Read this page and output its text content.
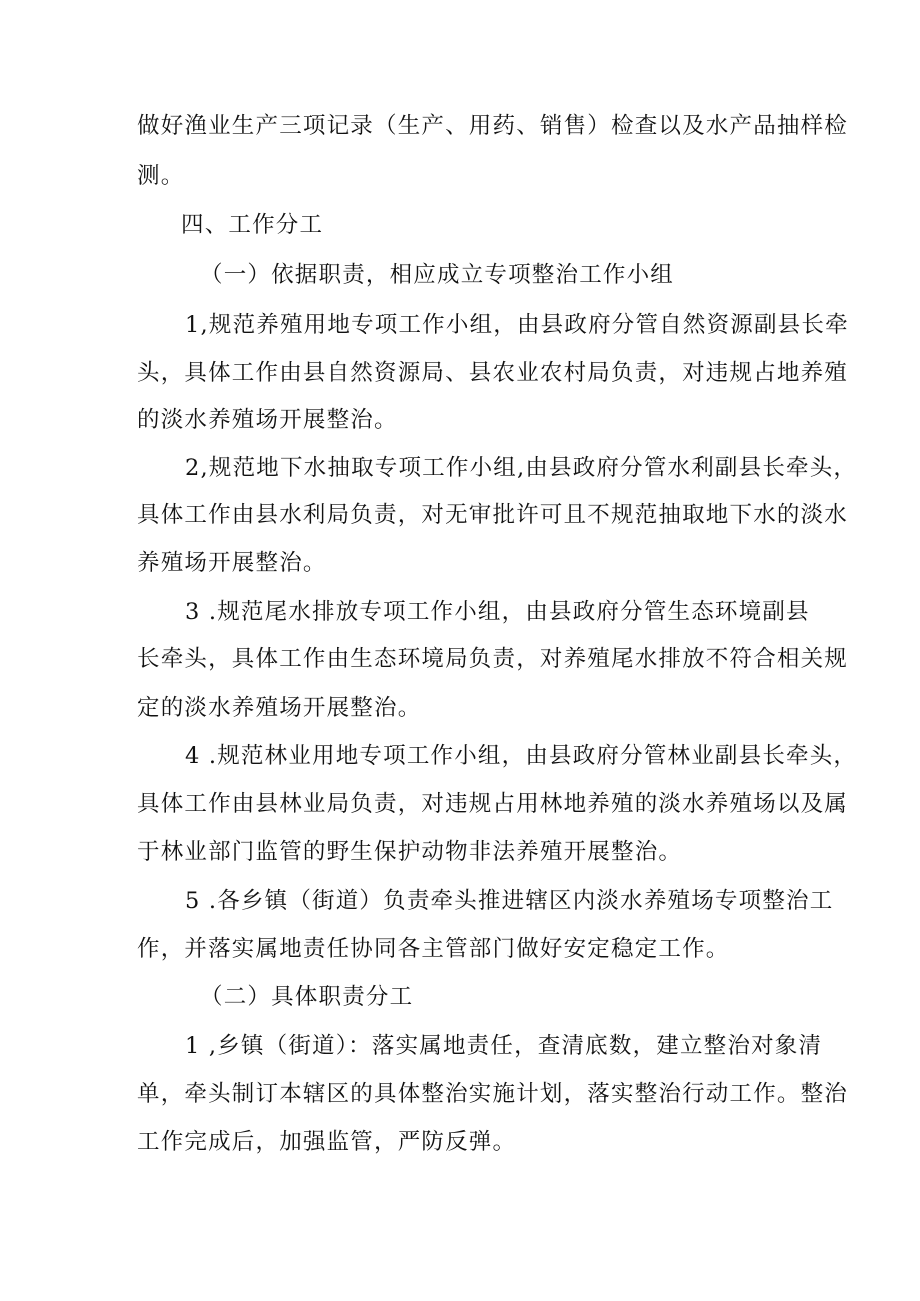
做好渔业生产三项记录（生产、用药、销售）检查以及水产品抽样检
测。
四、工作分工
（一）依据职责，相应成立专项整治工作小组
1,规范养殖用地专项工作小组，由县政府分管自然资源副县长牵
头，具体工作由县自然资源局、县农业农村局负责，对违规占地养殖
的淡水养殖场开展整治。
2,规范地下水抽取专项工作小组,由县政府分管水利副县长牵头，
具体工作由县水利局负责，对无审批许可且不规范抽取地下水的淡水
养殖场开展整治。
3 .规范尾水排放专项工作小组，由县政府分管生态环境副县
长牵头，具体工作由生态环境局负责，对养殖尾水排放不符合相关规
定的淡水养殖场开展整治。
4 .规范林业用地专项工作小组，由县政府分管林业副县长牵头，
具体工作由县林业局负责，对违规占用林地养殖的淡水养殖场以及属
于林业部门监管的野生保护动物非法养殖开展整治。
5 .各乡镇（街道）负责牵头推进辖区内淡水养殖场专项整治工
作，并落实属地责任协同各主管部门做好安定稳定工作。
（二）具体职责分工
1 ,乡镇（街道）：落实属地责任，查清底数，建立整治对象清
单，牵头制订本辖区的具体整治实施计划，落实整治行动工作。整治
工作完成后，加强监管，严防反弹。
